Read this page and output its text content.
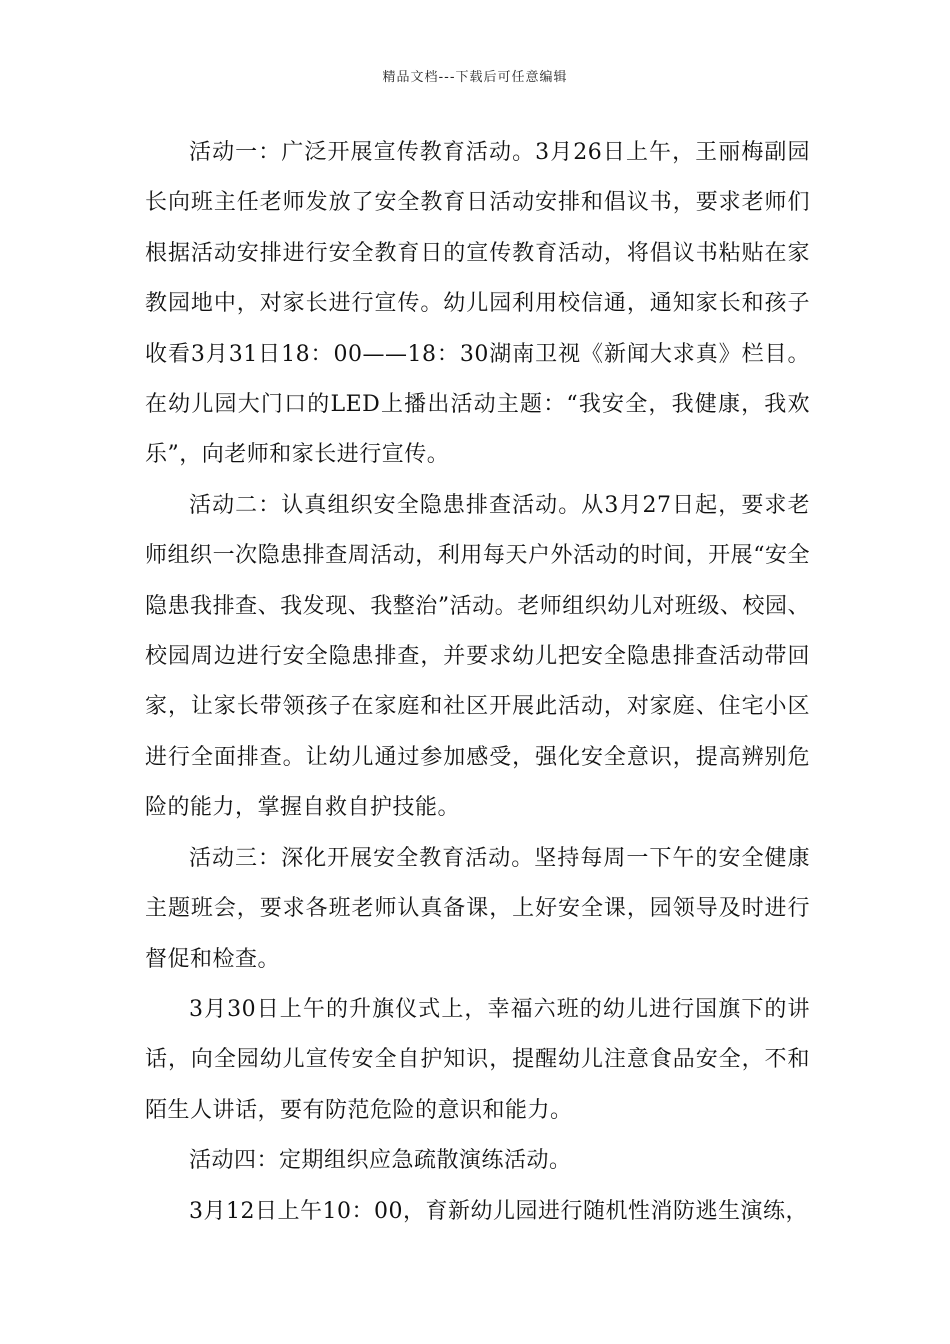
精品文档---下载后可任意编辑

活动一：广泛开展宣传教育活动。3月26日上午，王丽梅副园长向班主任老师发放了安全教育日活动安排和倡议书，要求老师们根据活动安排进行安全教育日的宣传教育活动，将倡议书粘贴在家教园地中，对家长进行宣传。幼儿园利用校信通，通知家长和孩子收看3月31日18：00——18：30湖南卫视《新闻大求真》栏目。在幼儿园大门口的LED上播出活动主题：“我安全，我健康，我欢乐”，向老师和家长进行宣传。

活动二：认真组织安全隐患排查活动。从3月27日起，要求老师组织一次隐患排查周活动，利用每天户外活动的时间，开展“安全隐患我排查、我发现、我整治”活动。老师组织幼儿对班级、校园、校园周边进行安全隐患排查，并要求幼儿把安全隐患排查活动带回家，让家长带领孩子在家庭和社区开展此活动，对家庭、住宅小区进行全面排查。让幼儿通过参加感受，强化安全意识，提高辨别危险的能力，掌握自救自护技能。

活动三：深化开展安全教育活动。坚持每周一下午的安全健康主题班会，要求各班老师认真备课，上好安全课，园领导及时进行督促和检查。

3月30日上午的升旗仪式上，幸福六班的幼儿进行国旗下的讲话，向全园幼儿宣传安全自护知识，提醒幼儿注意食品安全，不和陌生人讲话，要有防范危险的意识和能力。

活动四：定期组织应急疏散演练活动。

3月12日上午10：00，育新幼儿园进行随机性消防逃生演练，
